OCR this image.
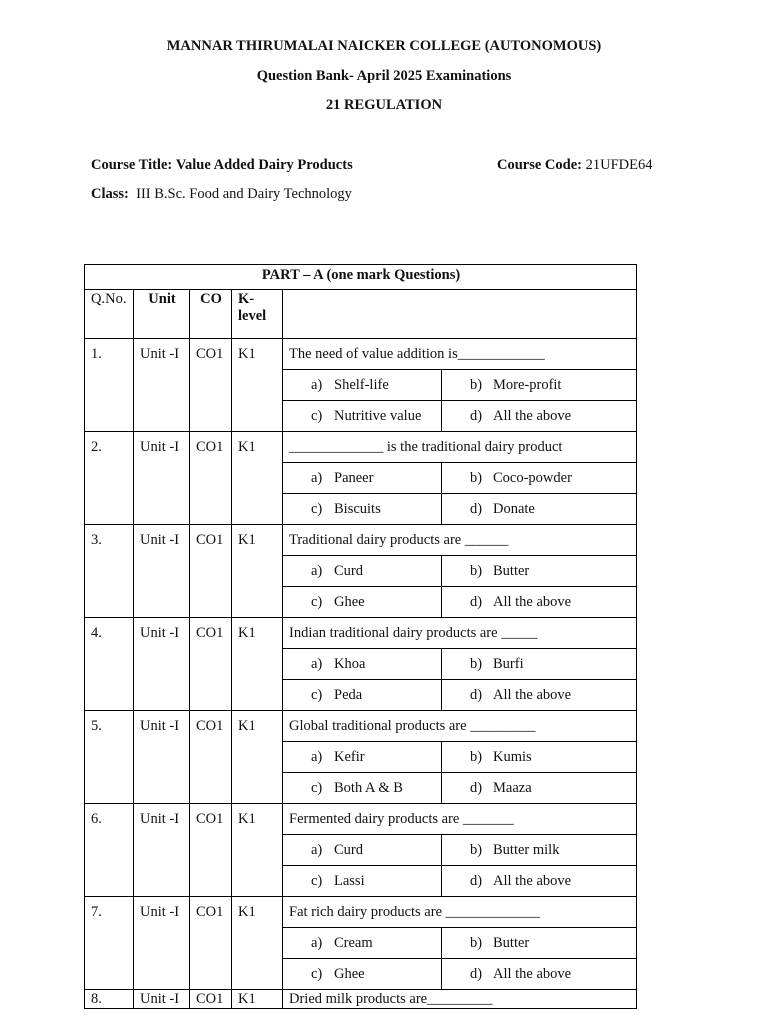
MANNAR THIRUMALAI NAICKER COLLEGE (AUTONOMOUS)
Question Bank- April 2025 Examinations
21 REGULATION
Course Title: Value Added Dairy Products	Course Code: 21UFDE64
Class: III B.Sc. Food and Dairy Technology
PART – A (one mark Questions)					
Q.No.	Unit	CO	K-level		
1.	Unit -I	CO1	K1	The need of value addition is____________	
				a) Shelf-life	b) More-profit
				c) Nutritive value	d) All the above
2.	Unit -I	CO1	K1	_____________ is the traditional dairy product	
				a) Paneer	b) Coco-powder
				c) Biscuits	d) Donate
3.	Unit -I	CO1	K1	Traditional dairy products are ______	
				a) Curd	b) Butter
				c) Ghee	d) All the above
4.	Unit -I	CO1	K1	Indian traditional dairy products are _____	
				a) Khoa	b) Burfi
				c) Peda	d) All the above
5.	Unit -I	CO1	K1	Global traditional products are _________	
				a) Kefir	b) Kumis
				c) Both A & B	d) Maaza
6.	Unit -I	CO1	K1	Fermented dairy products are _______	
				a) Curd	b) Butter milk
				c) Lassi	d) All the above
7.	Unit -I	CO1	K1	Fat rich dairy products are _____________	
				a) Cream	b) Butter
				c) Ghee	d) All the above
8.	Unit -I	CO1	K1	Dried milk products are_________	
